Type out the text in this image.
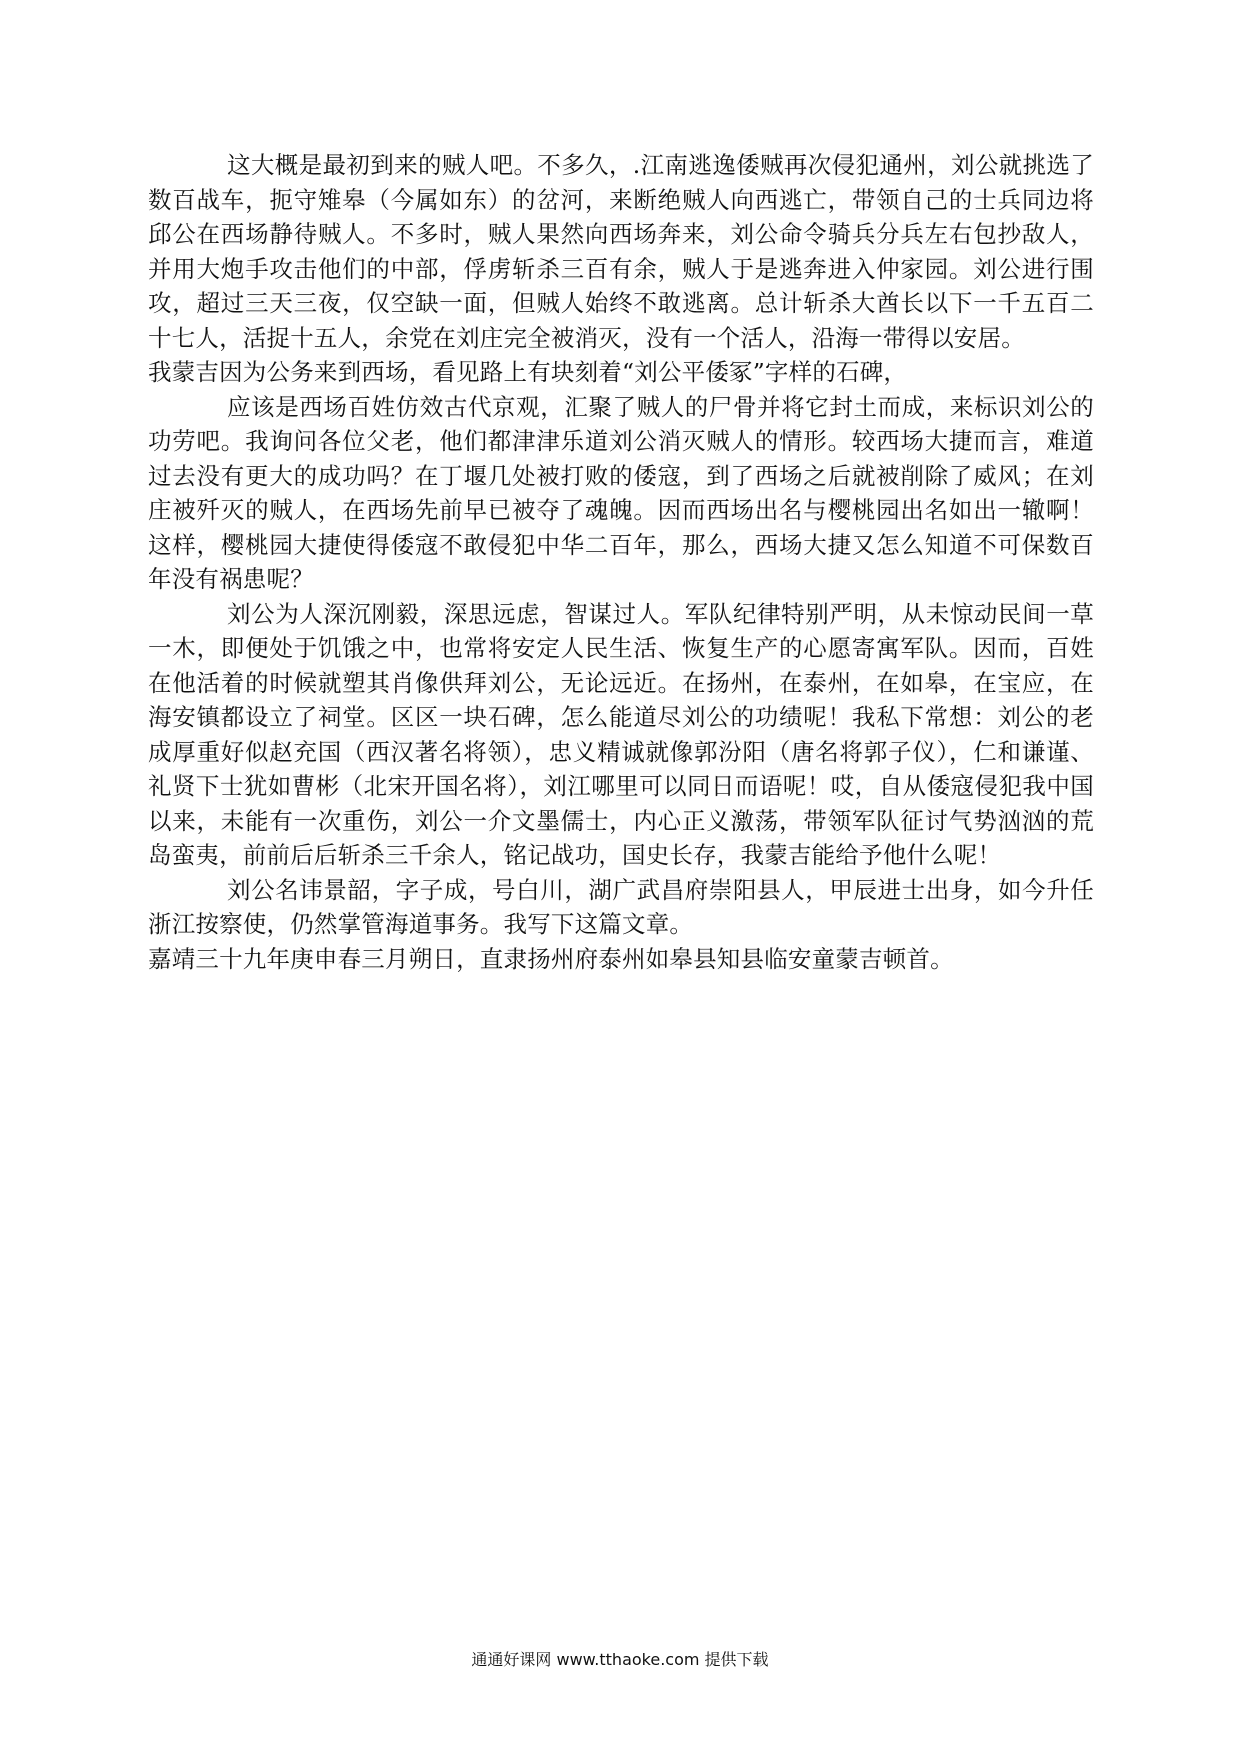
这大概是最初到来的贼人吧。不多久，.江南逃逸倭贼再次侵犯通州，刘公就挑选了数百战车，扼守雉皋（今属如东）的岔河，来断绝贼人向西逃亡，带领自己的士兵同边将邱公在西场静待贼人。不多时，贼人果然向西场奔来，刘公命令骑兵分兵左右包抄敌人，并用大炮手攻击他们的中部，俘虏斩杀三百有余，贼人于是逃奔进入仲家园。刘公进行围攻，超过三天三夜，仅空缺一面，但贼人始终不敢逃离。总计斩杀大酋长以下一千五百二十七人，活捉十五人，余党在刘庄完全被消灭，没有一个活人，沿海一带得以安居。

我蒙吉因为公务来到西场，看见路上有块刻着“刘公平倭冢”字样的石碑，

应该是西场百姓仿效古代京观，汇聚了贼人的尸骨并将它封土而成，来标识刘公的功劳吧。我询问各位父老，他们都津津乐道刘公消灭贼人的情形。较西场大捷而言，难道过去没有更大的成功吗？在丁堰几处被打败的倭寇，到了西场之后就被削除了威风；在刘庄被歼灭的贼人，在西场先前早已被夺了魂魄。因而西场出名与樱桃园出名如出一辙啊！这样，樱桃园大捷使得倭寇不敢侵犯中华二百年，那么，西场大捷又怎么知道不可保数百年没有祸患呢？

刘公为人深沉刚毅，深思远虑，智谋过人。军队纪律特别严明，从未惊动民间一草一木，即便处于饥饿之中，也常将安定人民生活、恢复生产的心愿寄寓军队。因而，百姓在他活着的时候就塑其肖像供拜刘公，无论远近。在扬州，在泰州，在如皋，在宝应，在海安镇都设立了祠堂。区区一块石碑，怎么能道尽刘公的功绩呢！我私下常想：刘公的老成厚重好似赵充国（西汉著名将领），忠义精诚就像郭汾阳（唐名将郭子仪），仁和谦谨、礼贤下士犹如曹彬（北宋开国名将），刘江哪里可以同日而语呢！哎，自从倭寇侵犯我中国以来，未能有一次重伤，刘公一介文墨儒士，内心正义激荡，带领军队征讨气势汹汹的荒岛蛮夷，前前后后斩杀三千余人，铭记战功，国史长存，我蒙吉能给予他什么呢！

刘公名讳景韶，字子成，号白川，湖广武昌府崇阳县人，甲辰进士出身，如今升任浙江按察使，仍然掌管海道事务。我写下这篇文章。

嘉靖三十九年庚申春三月朔日，直隶扬州府泰州如皋县知县临安童蒙吉顿首。

通通好课网 www.tthaoke.com 提供下载
